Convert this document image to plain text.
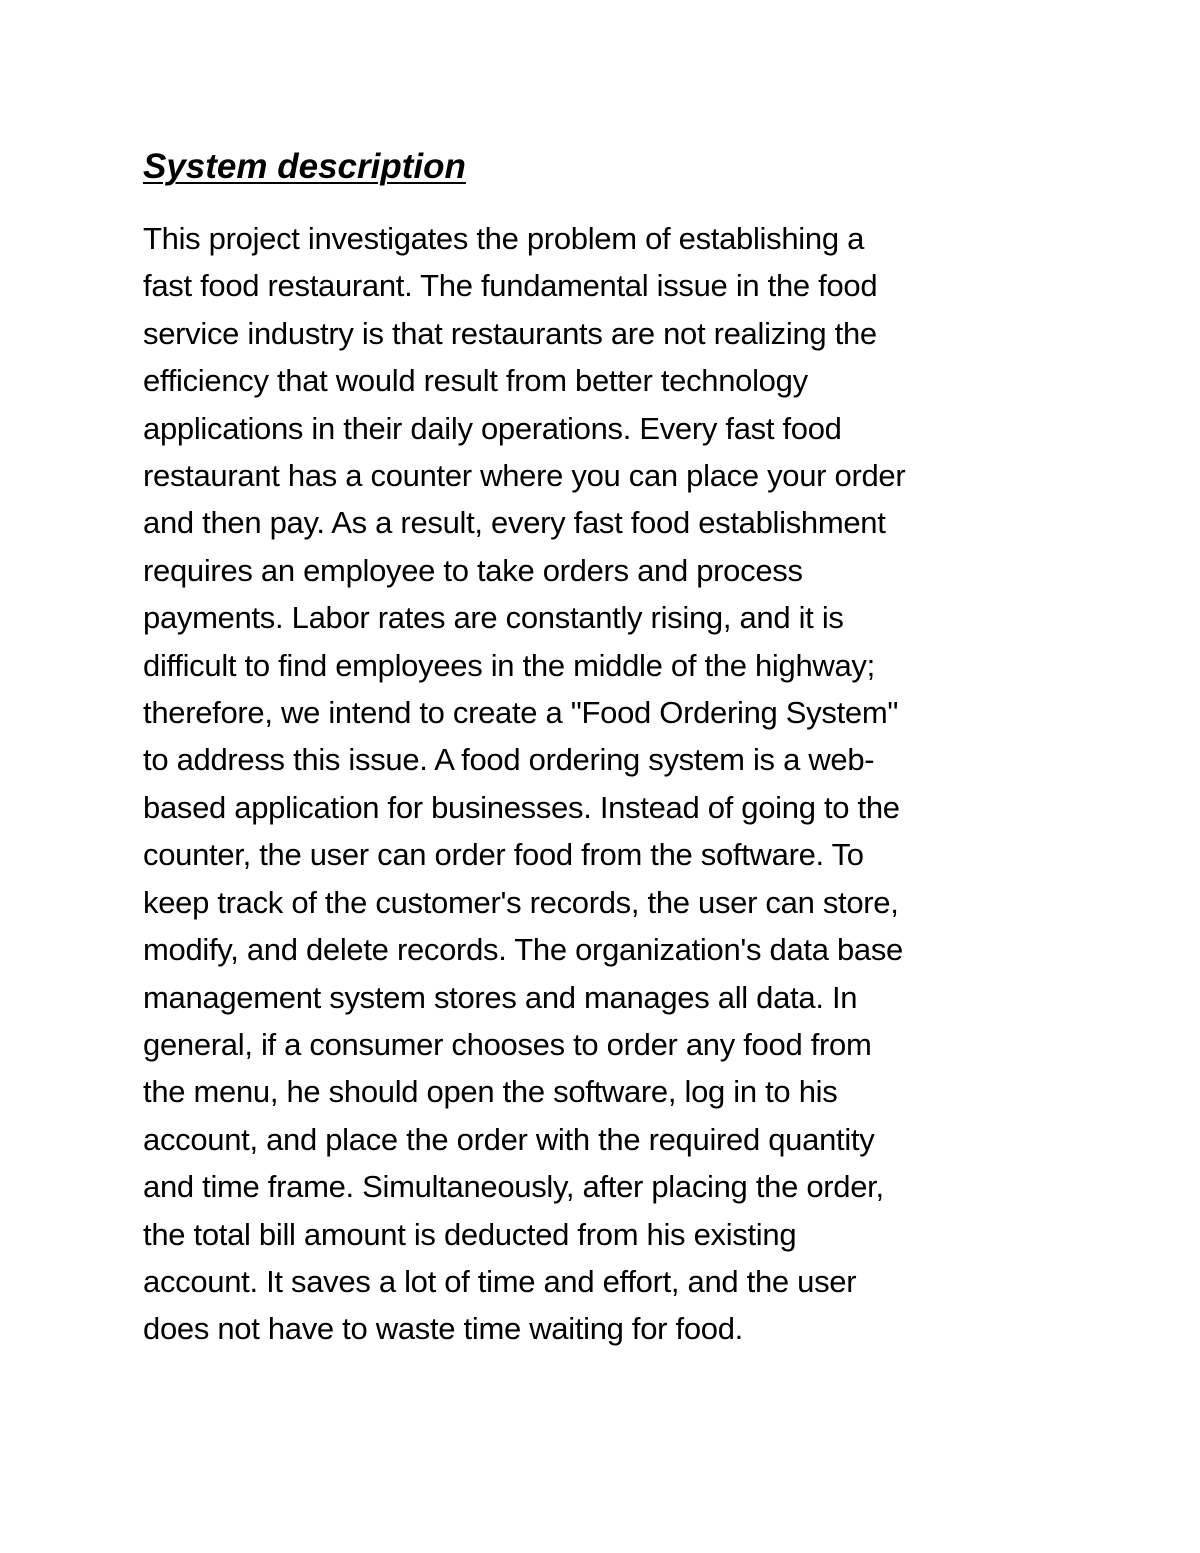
System description
This project investigates the problem of establishing a
fast food restaurant. The fundamental issue in the food
service industry is that restaurants are not realizing the
efficiency that would result from better technology
applications in their daily operations. Every fast food
restaurant has a counter where you can place your order
and then pay. As a result, every fast food establishment
requires an employee to take orders and process
payments. Labor rates are constantly rising, and it is
difficult to find employees in the middle of the highway;
therefore, we intend to create a "Food Ordering System"
to address this issue. A food ordering system is a web-
based application for businesses. Instead of going to the
counter, the user can order food from the software. To
keep track of the customer's records, the user can store,
modify, and delete records. The organization's data base
management system stores and manages all data. In
general, if a consumer chooses to order any food from
the menu, he should open the software, log in to his
account, and place the order with the required quantity
and time frame. Simultaneously, after placing the order,
the total bill amount is deducted from his existing
account. It saves a lot of time and effort, and the user
does not have to waste time waiting for food.
